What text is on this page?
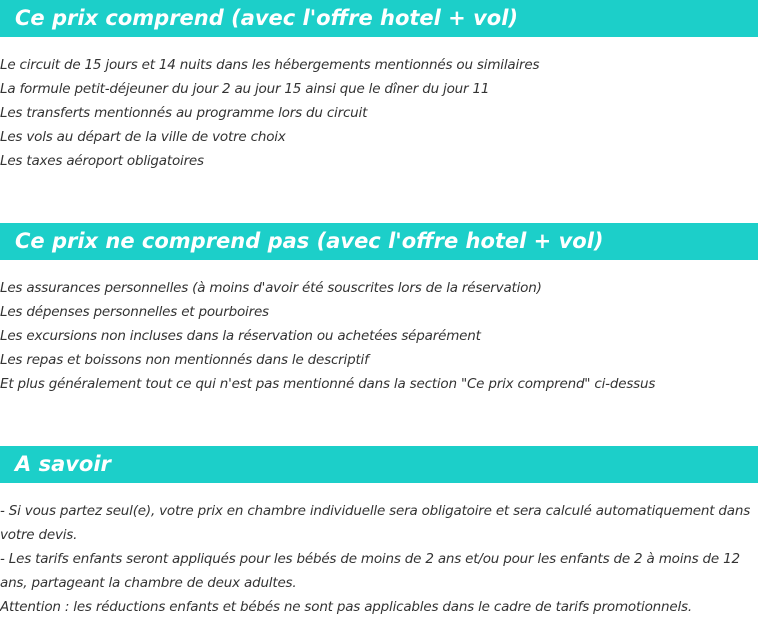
Ce prix comprend (avec l'offre hotel + vol)
Le circuit de 15 jours et 14 nuits dans les hébergements mentionnés ou similaires
La formule petit-déjeuner du jour 2 au jour 15 ainsi que le dîner du jour 11
Les transferts mentionnés au programme lors du circuit
Les vols au départ de la ville de votre choix
Les taxes aéroport obligatoires
Ce prix ne comprend pas (avec l'offre hotel + vol)
Les assurances personnelles (à moins d'avoir été souscrites lors de la réservation)
Les dépenses personnelles et pourboires
Les excursions non incluses dans la réservation ou achetées séparément
Les repas et boissons non mentionnés dans le descriptif
Et plus généralement tout ce qui n'est pas mentionné dans la section "Ce prix comprend" ci-dessus
A savoir

- Si vous partez seul(e), votre prix en chambre individuelle sera obligatoire et sera calculé automatiquement dans votre devis.

- Les tarifs enfants seront appliqués pour les bébés de moins de 2 ans et/ou pour les enfants de 2 à moins de 12 ans, partageant la chambre de deux adultes.

Attention : les réductions enfants et bébés ne sont pas applicables dans le cadre de tarifs promotionnels.
